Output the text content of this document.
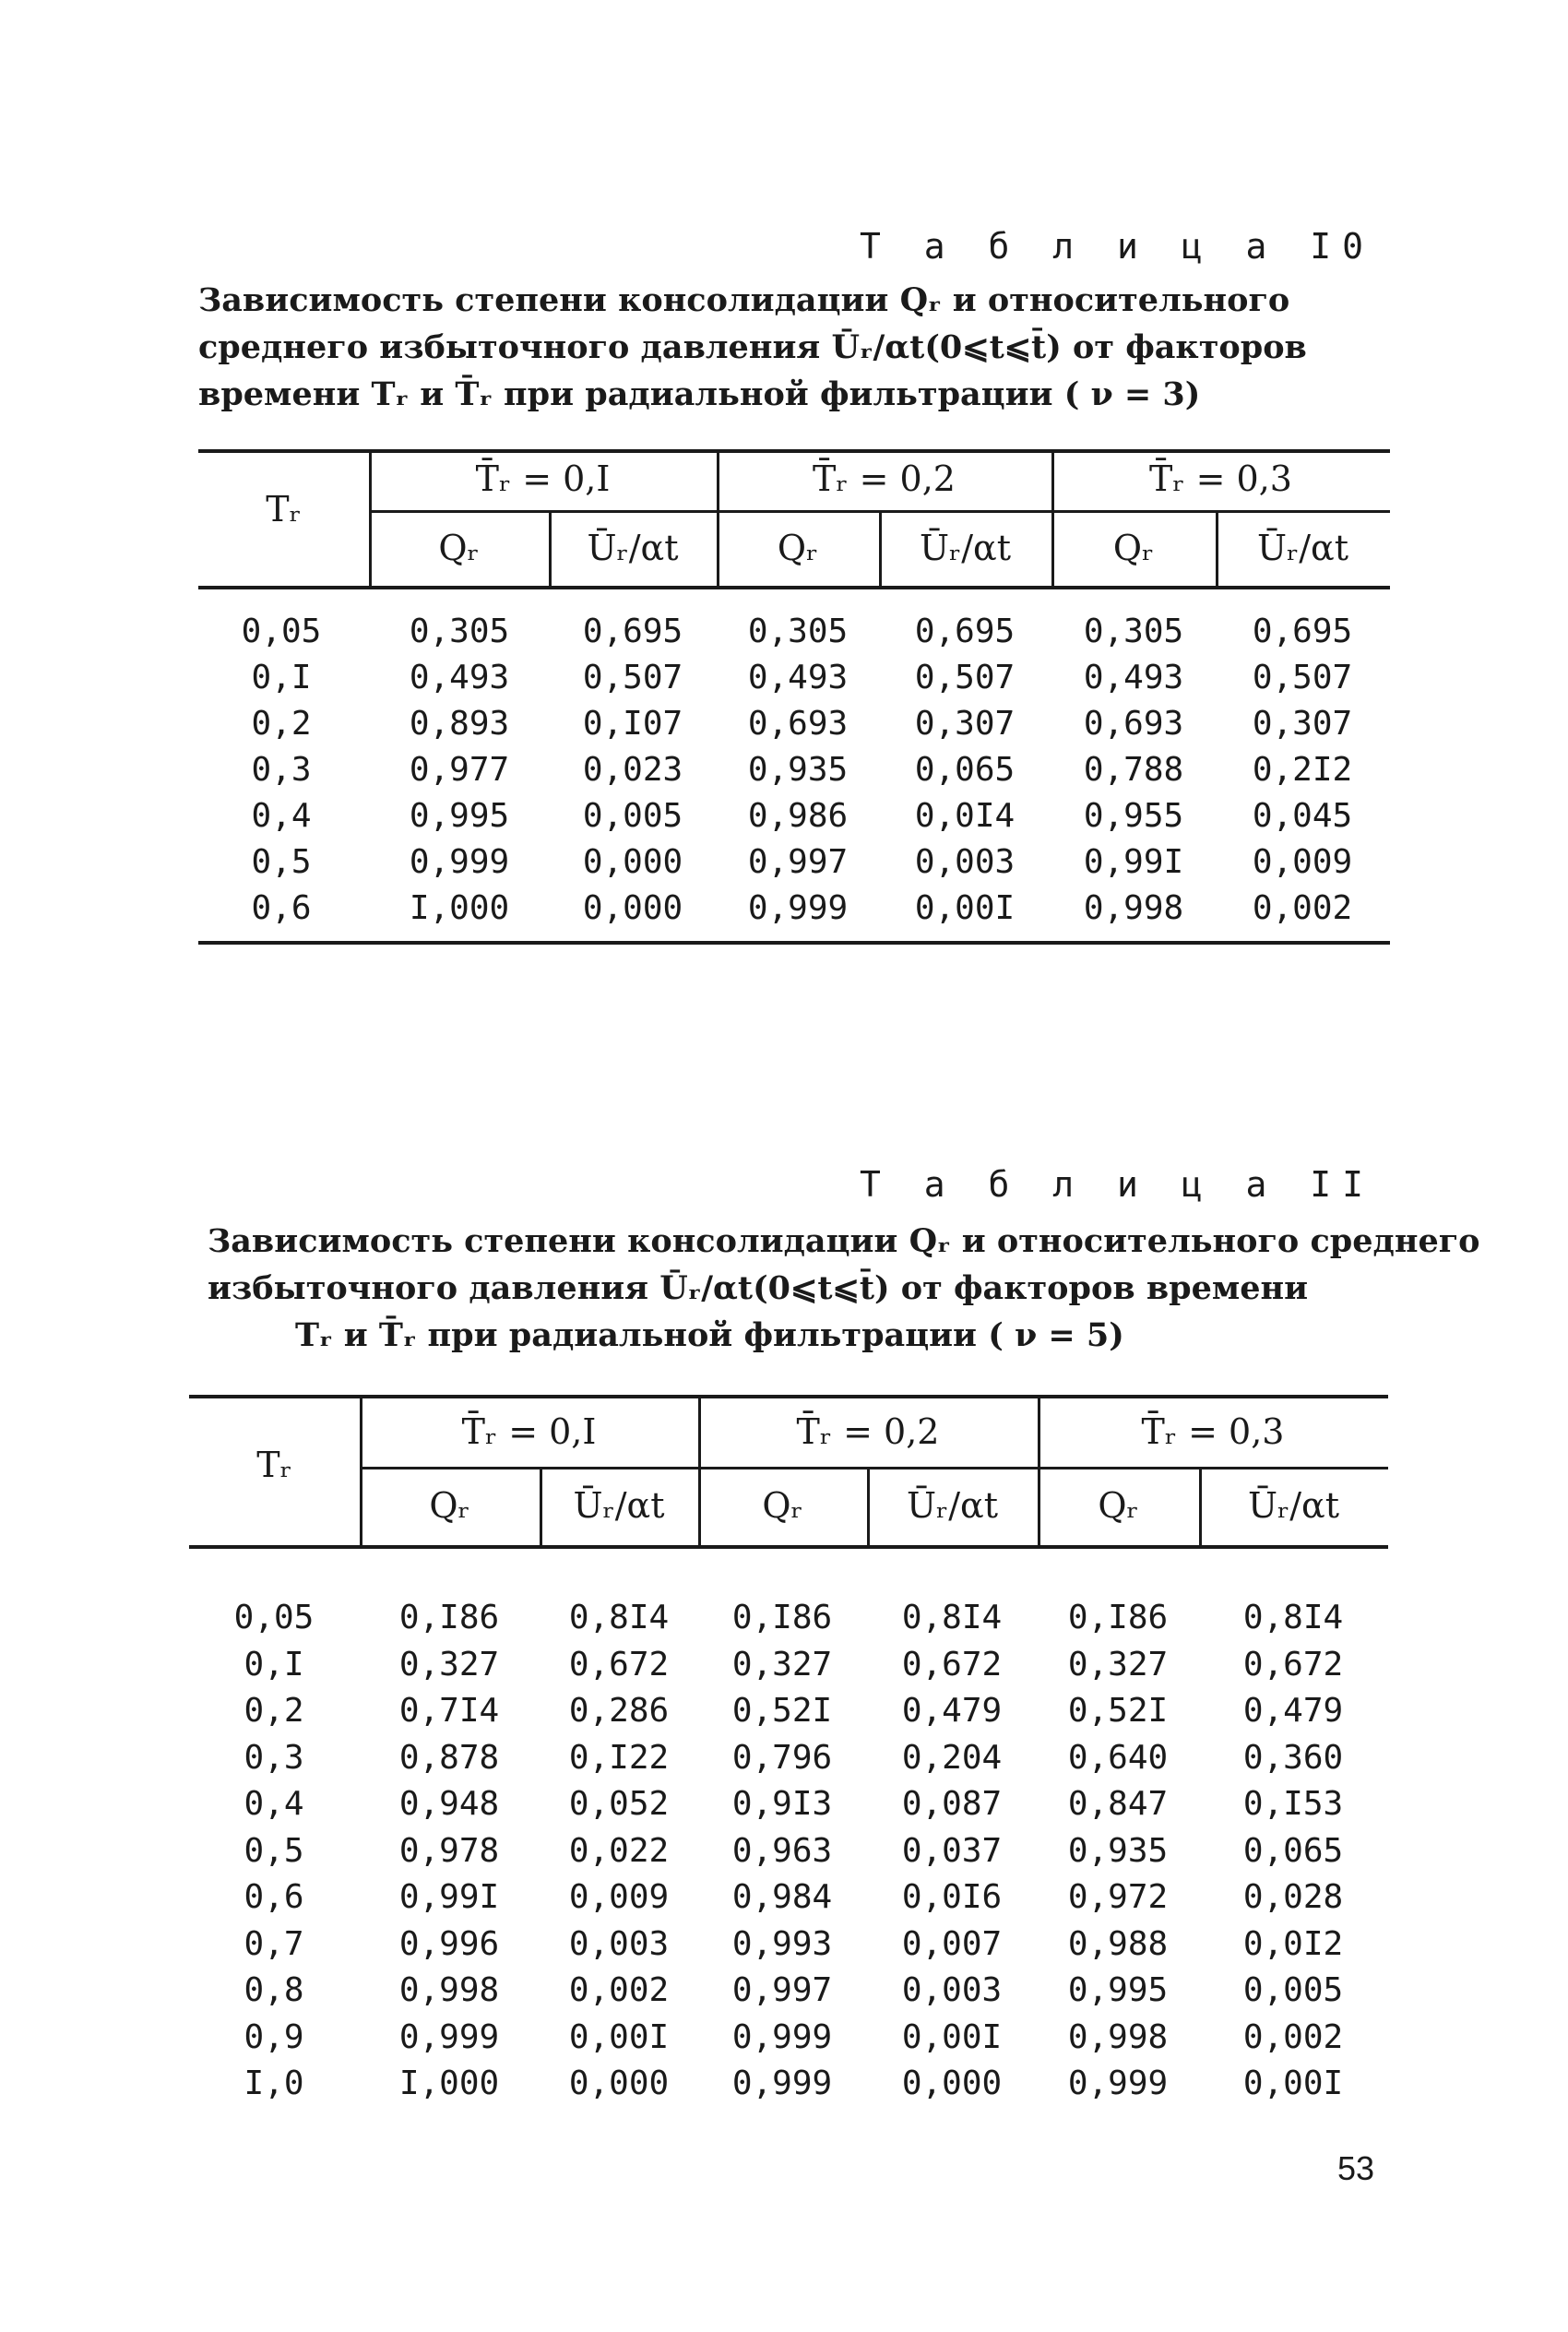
Т а б л и ц а I0
Зависимость степени консолидации Qᵣ и относительного
среднего избыточного давления Ūᵣ/αt(0⩽t⩽t̄) от факторов
времени Tᵣ и T̄ᵣ при радиальной фильтрации ( ν = 3)
Tᵣ
T̄ᵣ = 0,I	T̄ᵣ = 0,2	T̄ᵣ = 0,3
Qᵣ	Ūᵣ/αt	Qᵣ	Ūᵣ/αt	Qᵣ	Ūᵣ/αt
0,05	0,305	0,695	0,305	0,695	0,305	0,695
0,I	0,493	0,507	0,493	0,507	0,493	0,507
0,2	0,893	0,I07	0,693	0,307	0,693	0,307
0,3	0,977	0,023	0,935	0,065	0,788	0,2I2
0,4	0,995	0,005	0,986	0,0I4	0,955	0,045
0,5	0,999	0,000	0,997	0,003	0,99I	0,009
0,6	I,000	0,000	0,999	0,00I	0,998	0,002
Т а б л и ц а II
Зависимость степени консолидации Qᵣ и относительного среднего
избыточного давления Ūᵣ/αt(0⩽t⩽t̄) от факторов времени
Tᵣ и T̄ᵣ при радиальной фильтрации ( ν = 5)
Tᵣ
T̄ᵣ = 0,I	T̄ᵣ = 0,2	T̄ᵣ = 0,3
Qᵣ	Ūᵣ/αt	Qᵣ	Ūᵣ/αt	Qᵣ	Ūᵣ/αt
0,05	0,I86	0,8I4	0,I86	0,8I4	0,I86	0,8I4
0,I	0,327	0,672	0,327	0,672	0,327	0,672
0,2	0,7I4	0,286	0,52I	0,479	0,52I	0,479
0,3	0,878	0,I22	0,796	0,204	0,640	0,360
0,4	0,948	0,052	0,9I3	0,087	0,847	0,I53
0,5	0,978	0,022	0,963	0,037	0,935	0,065
0,6	0,99I	0,009	0,984	0,0I6	0,972	0,028
0,7	0,996	0,003	0,993	0,007	0,988	0,0I2
0,8	0,998	0,002	0,997	0,003	0,995	0,005
0,9	0,999	0,00I	0,999	0,00I	0,998	0,002
I,0	I,000	0,000	0,999	0,000	0,999	0,00I
53
